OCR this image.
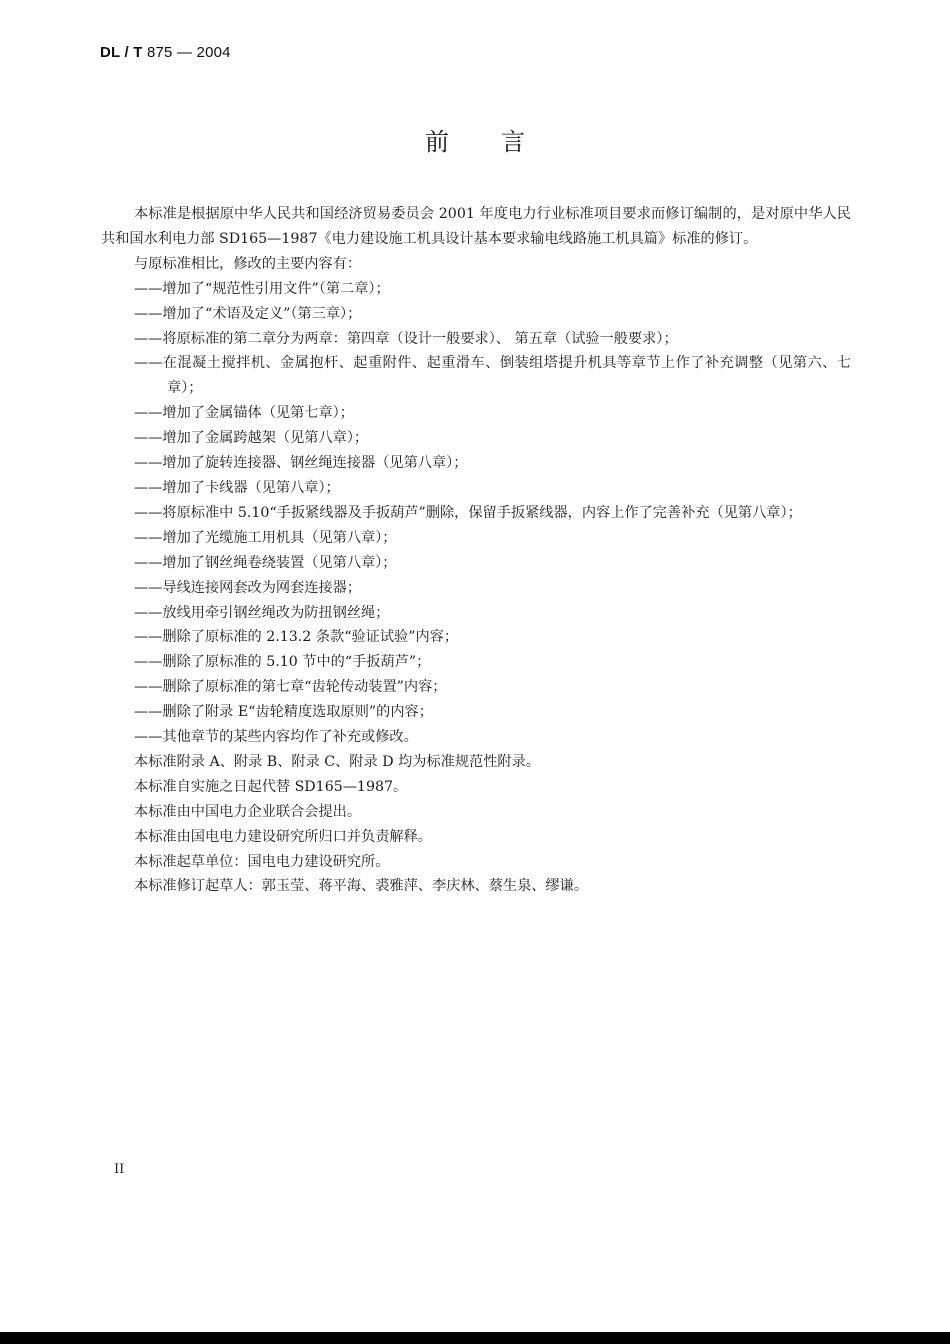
DL / T 875 — 2004
前言

本标准是根据原中华人民共和国经济贸易委员会 2001 年度电力行业标准项目要求而修订编制的，是对原中华人民共和国水利电力部 SD165—1987《电力建设施工机具设计基本要求输电线路施工机具篇》标准的修订。

与原标准相比，修改的主要内容有：

——增加了“规范性引用文件”（第二章）；

——增加了“术语及定义”（第三章）；

——将原标准的第二章分为两章：第四章（设计一般要求）、 第五章（试验一般要求）；

——在混凝土搅拌机、金属抱杆、起重附件、起重滑车、倒装组塔提升机具等章节上作了补充调整（见第六、七章）；

——增加了金属锚体（见第七章）；

——增加了金属跨越架（见第八章）；

——增加了旋转连接器、钢丝绳连接器（见第八章）；

——增加了卡线器（见第八章）；

——将原标准中 5.10“手扳紧线器及手扳葫芦”删除，保留手扳紧线器，内容上作了完善补充（见第八章）；

——增加了光缆施工用机具（见第八章）；

——增加了钢丝绳卷绕装置（见第八章）；

——导线连接网套改为网套连接器；

——放线用牵引钢丝绳改为防扭钢丝绳；

——删除了原标准的 2.13.2 条款“验证试验”内容；

——删除了原标准的 5.10 节中的“手扳葫芦”；

——删除了原标准的第七章“齿轮传动装置”内容；

——删除了附录 E“齿轮精度选取原则”的内容；

——其他章节的某些内容均作了补充或修改。

本标准附录 A、附录 B、附录 C、附录 D 均为标准规范性附录。

本标准自实施之日起代替 SD165—1987。

本标准由中国电力企业联合会提出。

本标准由国电电力建设研究所归口并负责解释。

本标准起草单位：国电电力建设研究所。

本标准修订起草人：郭玉莹、蒋平海、裘雅萍、李庆林、蔡生泉、缪谦。

II
